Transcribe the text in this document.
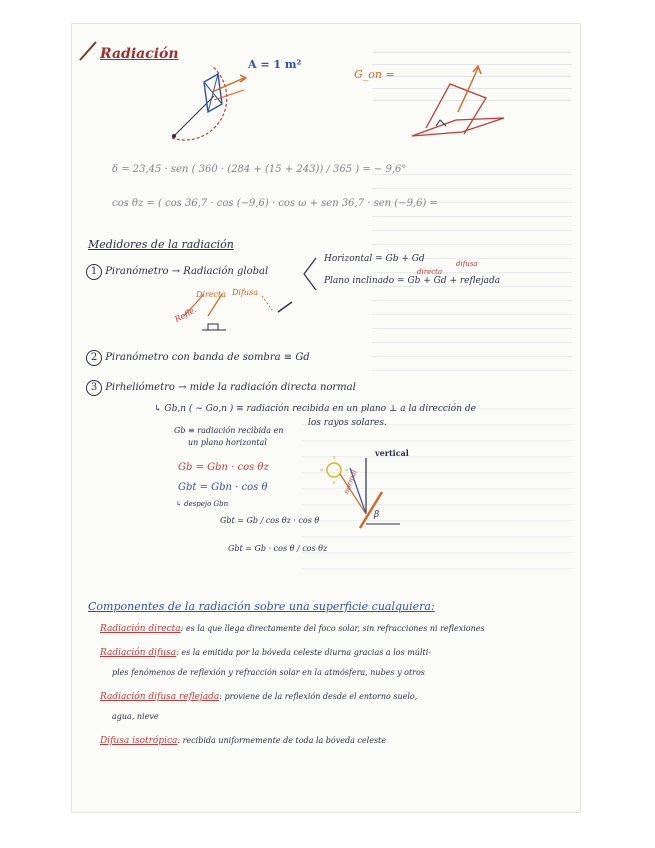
Radiación
A = 1 m²
G_on =
δ = 23,45 · sen ( 360 · (284 + (15 + 243)) / 365 ) = − 9,6°
cos θz = ( cos 36,7 · cos (−9,6) · cos ω + sen 36,7 · sen (−9,6) =
Medidores de la radiación
1 Piranómetro → Radiación global
Horizontal = Gb + Gd	difusa
directa
Plano inclinado = Gb + Gd + reflejada
Refle.
Directa Difusa
2 Piranómetro con banda de sombra ≡ Gd
3 Pirheliómetro → mide la radiación directa normal
↳ Gb,n ( ∼ Go,n ) ≡ radiación recibida en un plano ⊥ a la dirección de
los rayos solares.
Gb ≡ radiación recibida en
un plano horizontal
Gb = Gbn · cos θz
Gbt = Gbn · cos θ
↳ despejo Gbn
Gbt = Gb / cos θz · cos θ
Gbt = Gb · cos θ / cos θz
vertical
normal
β
Componentes de la radiación sobre una superficie cualquiera:
Radiación directa: es la que llega directamente del foco solar, sin refracciones ni reflexiones
Radiación difusa: es la emitida por la bóveda celeste diurna gracias a los múlti-
ples fenómenos de reflexión y refracción solar en la atmósfera, nubes y otros
Radiación difusa reflejada: proviene de la reflexión desde el entorno suelo,
agua, nieve
Difusa isotrópica: recibida uniformemente de toda la bóveda celeste
